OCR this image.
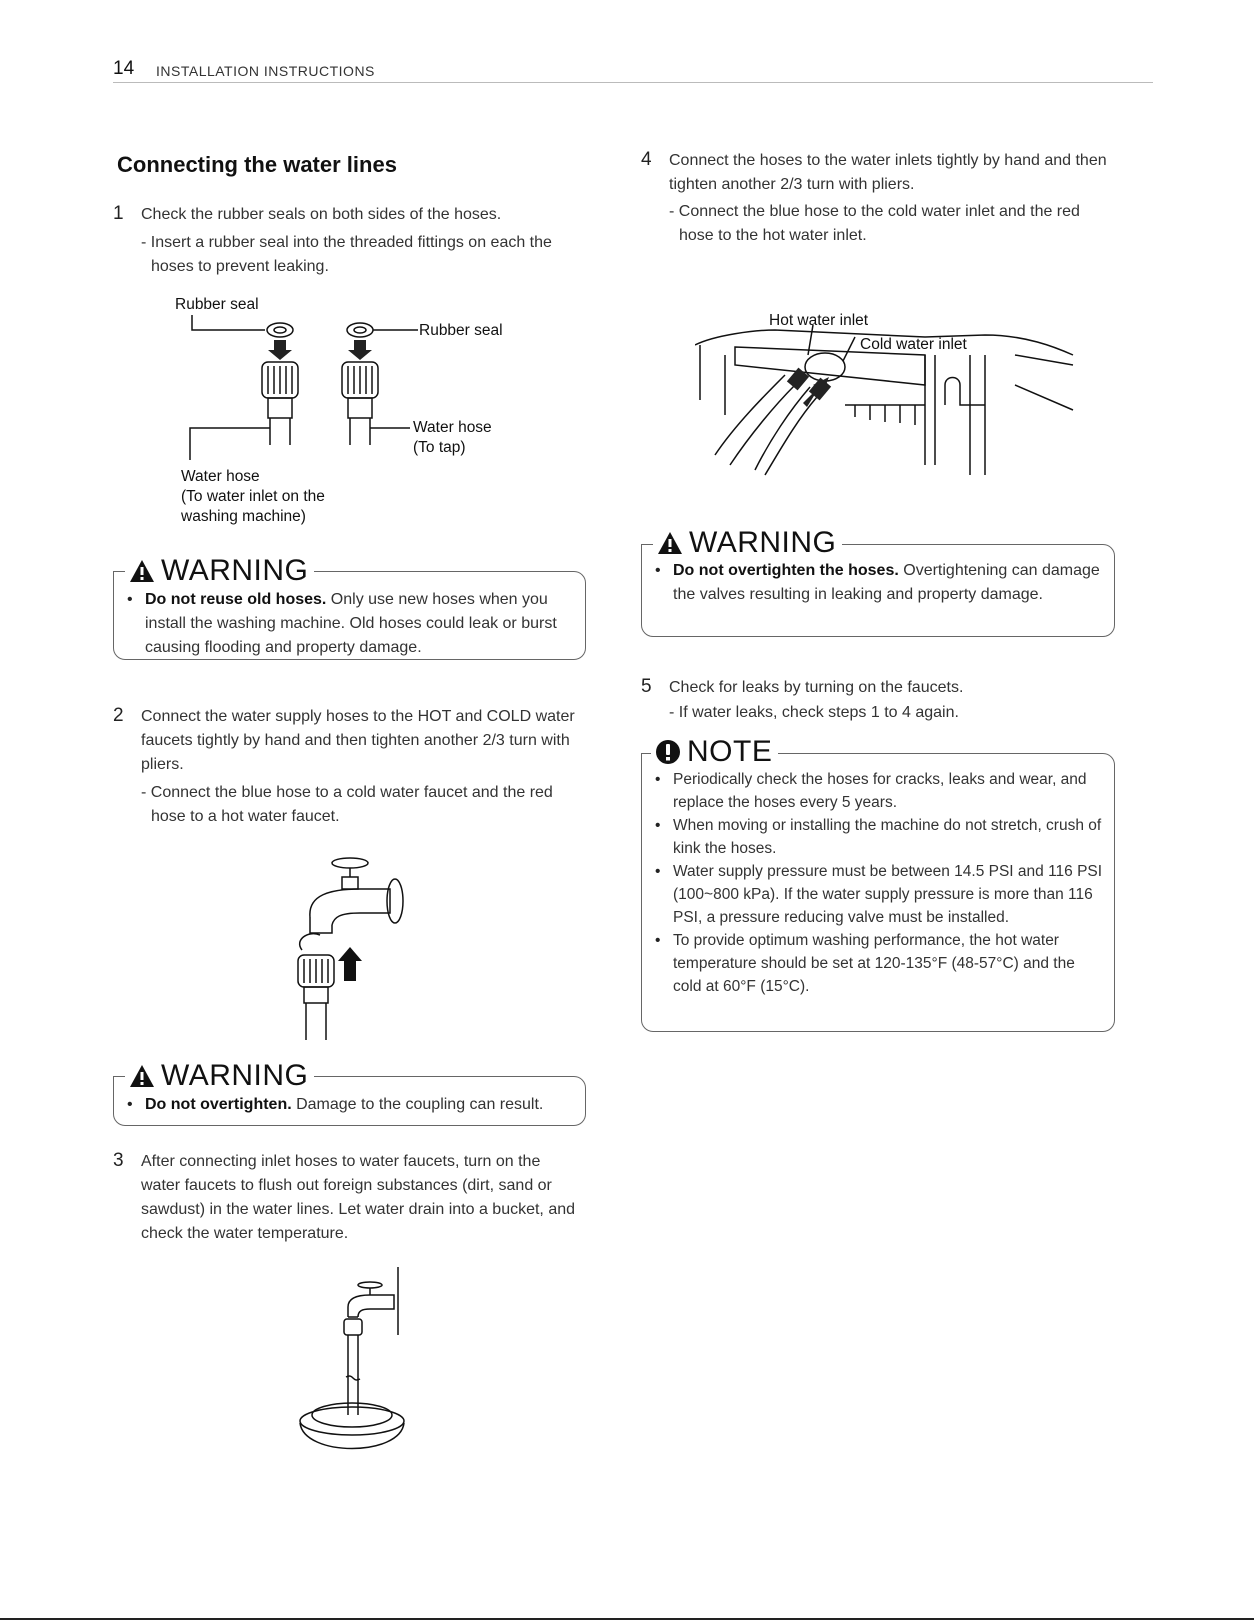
14 INSTALLATION INSTRUCTIONS
Connecting the water lines
1 Check the rubber seals on both sides of the hoses.
- Insert a rubber seal into the threaded fittings on each the hoses to prevent leaking.
Rubber seal
Rubber seal
Water hose
(To tap)
Water hose
(To water inlet on the
washing machine)
WARNING
• Do not reuse old hoses. Only use new hoses when you install the washing machine. Old hoses could leak or burst causing flooding and property damage.
2 Connect the water supply hoses to the HOT and COLD water faucets tightly by hand and then tighten another 2/3 turn with pliers.
- Connect the blue hose to a cold water faucet and the red hose to a hot water faucet.
WARNING
• Do not overtighten. Damage to the coupling can result.
3 After connecting inlet hoses to water faucets, turn on the water faucets to flush out foreign substances (dirt, sand or sawdust) in the water lines. Let water drain into a bucket, and check the water temperature.
4 Connect the hoses to the water inlets tightly by hand and then tighten another 2/3 turn with pliers.
- Connect the blue hose to the cold water inlet and the red hose to the hot water inlet.
Hot water inlet
Cold water inlet
WARNING
• Do not overtighten the hoses. Overtightening can damage the valves resulting in leaking and property damage.
5 Check for leaks by turning on the faucets.
- If water leaks, check steps 1 to 4 again.
NOTE
• Periodically check the hoses for cracks, leaks and wear, and replace the hoses every 5 years.
• When moving or installing the machine do not stretch, crush of kink the hoses.
• Water supply pressure must be between 14.5 PSI and 116 PSI (100~800 kPa). If the water supply pressure is more than 116 PSI, a pressure reducing valve must be installed.
• To provide optimum washing performance, the hot water temperature should be set at 120-135°F (48-57°C) and the cold at 60°F (15°C).
